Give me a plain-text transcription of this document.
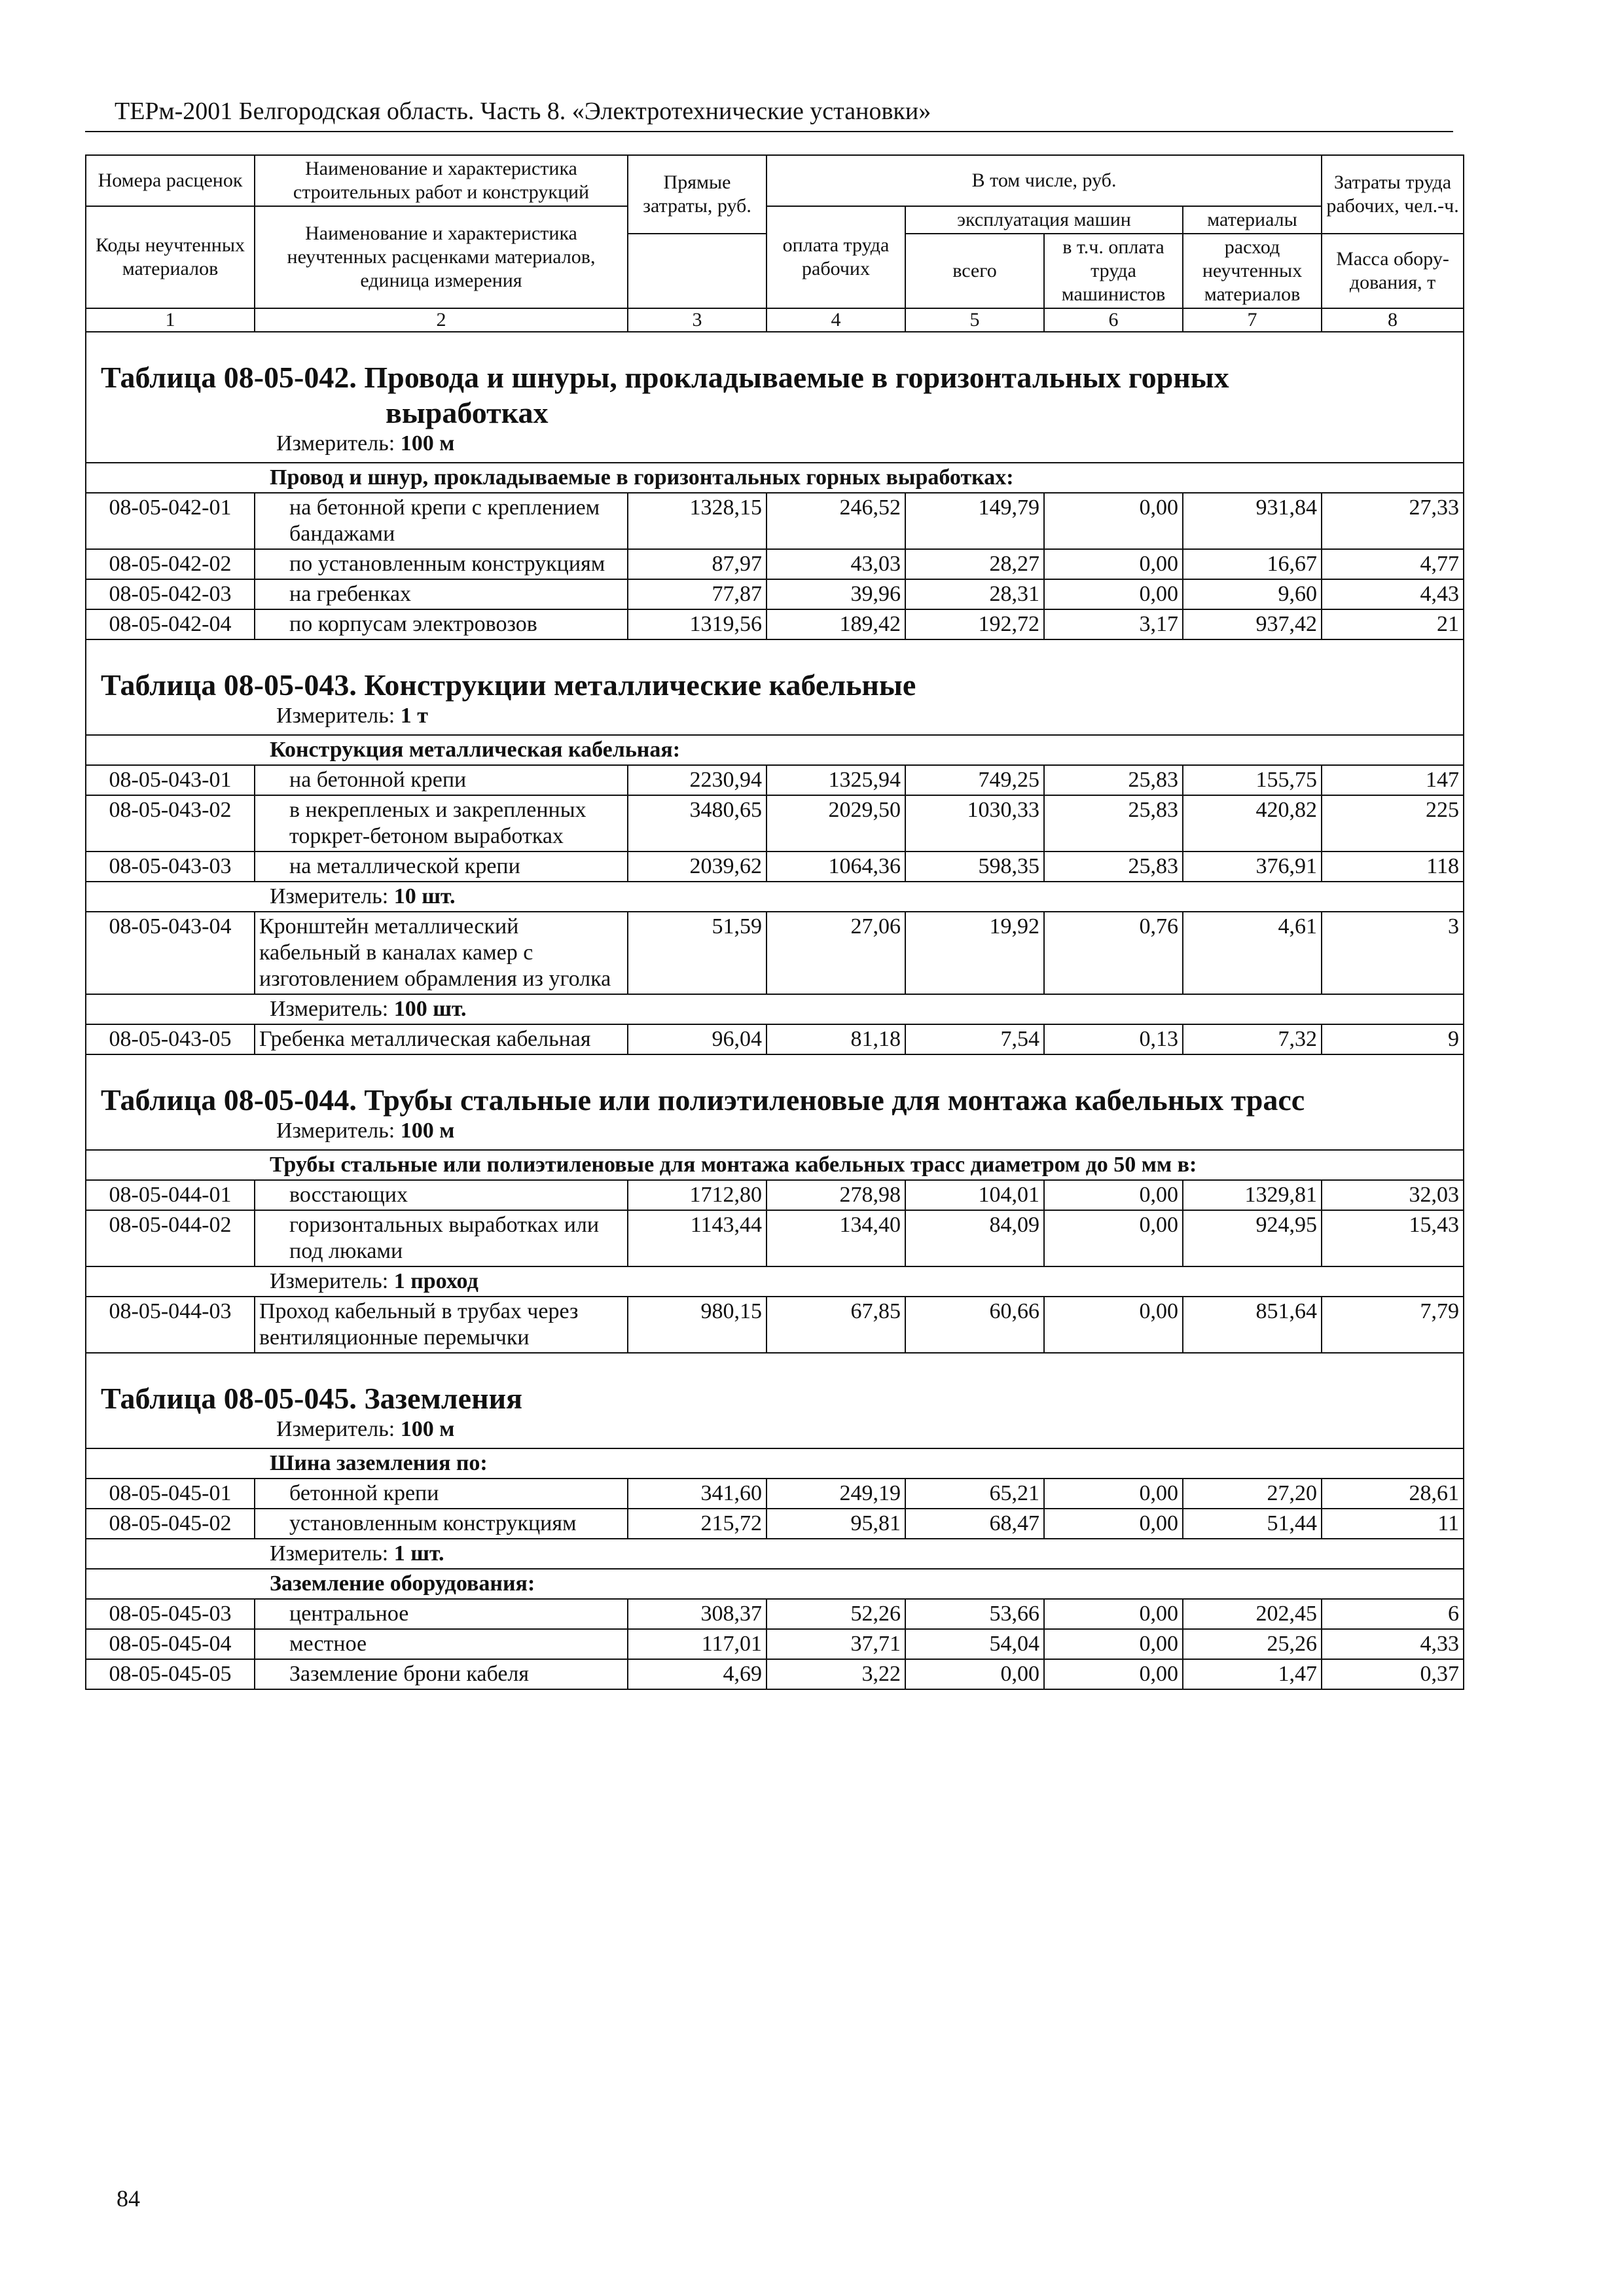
ТЕРм-2001 Белгородская область. Часть 8. «Электротехнические установки»
Номера расценок	Наименование и характеристика строительных работ и конструкций	Прямые затраты, руб.	В том числе, руб.				Затраты труда рабочих, чел.-ч.
Коды неучтенных материалов	Наименование и характеристика неучтенных расценками материалов, единица измерения		оплата труда рабочих	эксплуатация машин		материалы	
				всего	в т.ч. оплата труда машинистов	расход неучтенных материалов	Масса обору-дования, т

1	2	3	4	5	6	7	8

Таблица 08-05-042. Провода и шнуры, прокладываемые в горизонтальных горных
выработках
Измеритель: 100 м							

Провод и шнур, прокладываемые в горизонтальных горных выработках:							
08-05-042-01	на бетонной крепи с креплением бандажами	1328,15	246,52	149,79	0,00	931,84	27,33
08-05-042-02	по установленным конструкциям	87,97	43,03	28,27	0,00	16,67	4,77
08-05-042-03	на гребенках	77,87	39,96	28,31	0,00	9,60	4,43
08-05-042-04	по корпусам электровозов	1319,56	189,42	192,72	3,17	937,42	21

Таблица 08-05-043. Конструкции металлические кабельные
Измеритель: 1 т							

Конструкция металлическая кабельная:							
08-05-043-01	на бетонной крепи	2230,94	1325,94	749,25	25,83	155,75	147
08-05-043-02	в некрепленых и закрепленных торкрет-бетоном выработках	3480,65	2029,50	1030,33	25,83	420,82	225
08-05-043-03	на металлической крепи	2039,62	1064,36	598,35	25,83	376,91	118
Измеритель: 10 шт.							
08-05-043-04	Кронштейн металлический кабельный в каналах камер с изготовлением обрамления из уголка	51,59	27,06	19,92	0,76	4,61	3
Измеритель: 100 шт.							
08-05-043-05	Гребенка металлическая кабельная	96,04	81,18	7,54	0,13	7,32	9

Таблица 08-05-044. Трубы стальные или полиэтиленовые для монтажа кабельных трасс
Измеритель: 100 м							

Трубы стальные или полиэтиленовые для монтажа кабельных трасс диаметром до 50 мм в:							
08-05-044-01	восстающих	1712,80	278,98	104,01	0,00	1329,81	32,03
08-05-044-02	горизонтальных выработках или под люками	1143,44	134,40	84,09	0,00	924,95	15,43
Измеритель: 1 проход							
08-05-044-03	Проход кабельный в трубах через вентиляционные перемычки	980,15	67,85	60,66	0,00	851,64	7,79

Таблица 08-05-045. Заземления
Измеритель: 100 м							

Шина заземления по:							
08-05-045-01	бетонной крепи	341,60	249,19	65,21	0,00	27,20	28,61
08-05-045-02	установленным конструкциям	215,72	95,81	68,47	0,00	51,44	11
Измеритель: 1 шт.							
Заземление оборудования:							
08-05-045-03	центральное	308,37	52,26	53,66	0,00	202,45	6
08-05-045-04	местное	117,01	37,71	54,04	0,00	25,26	4,33
08-05-045-05	Заземление брони кабеля	4,69	3,22	0,00	0,00	1,47	0,37
84
